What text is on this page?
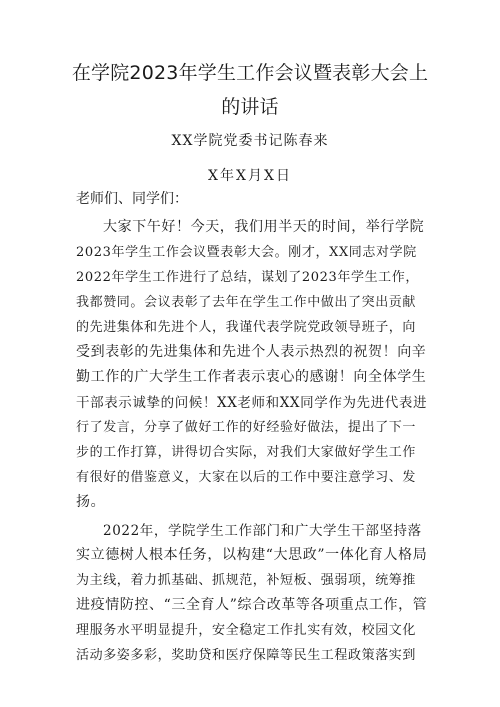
在学院2023年学生工作会议暨表彰大会上
的讲话
XX学院党委书记陈春来
X年X月X日
老师们、同学们：
大家下午好！今天，我们用半天的时间，举行学院
2023年学生工作会议暨表彰大会。刚才，XX同志对学院
2022年学生工作进行了总结，谋划了2023年学生工作，
我都赞同。会议表彰了去年在学生工作中做出了突出贡献
的先进集体和先进个人，我谨代表学院党政领导班子，向
受到表彰的先进集体和先进个人表示热烈的祝贺！向辛
勤工作的广大学生工作者表示衷心的感谢！向全体学生
干部表示诚挚的问候！XX老师和XX同学作为先进代表进
行了发言，分享了做好工作的好经验好做法，提出了下一
步的工作打算，讲得切合实际，对我们大家做好学生工作
有很好的借鉴意义，大家在以后的工作中要注意学习、发
扬。
2022年，学院学生工作部门和广大学生干部坚持落
实立德树人根本任务，以构建“大思政”一体化育人格局
为主线，着力抓基础、抓规范，补短板、强弱项，统筹推
进疫情防控、“三全育人”综合改革等各项重点工作，管
理服务水平明显提升，安全稳定工作扎实有效，校园文化
活动多姿多彩，奖助贷和医疗保障等民生工程政策落实到
